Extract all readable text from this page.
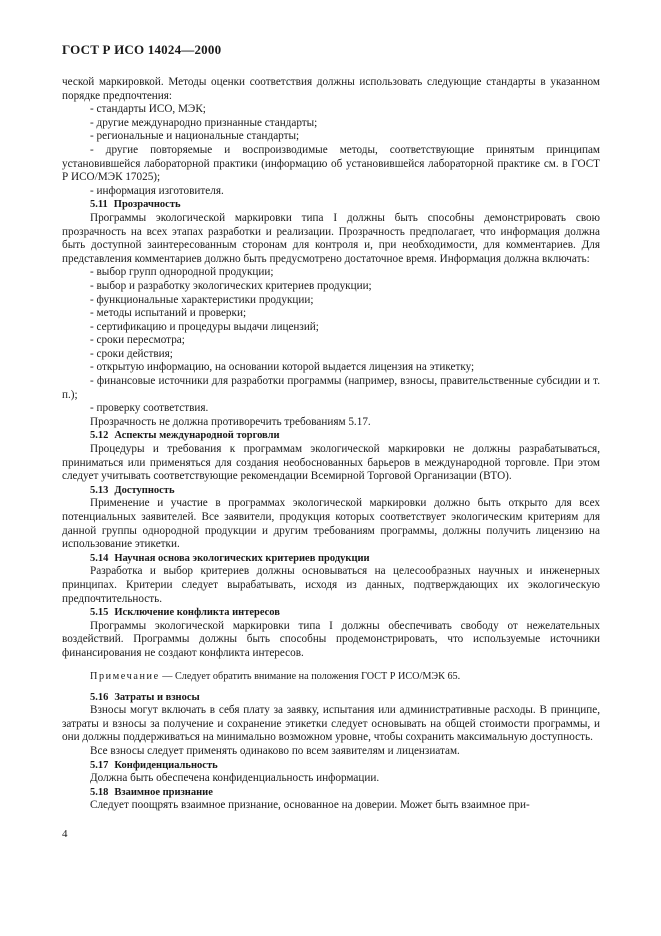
ГОСТ Р ИСО 14024—2000

ческой маркировкой. Методы оценки соответствия должны использовать следующие стандарты в указанном порядке предпочтения:

- стандарты ИСО, МЭК;

- другие международно признанные стандарты;

- региональные и национальные стандарты;

- другие повторяемые и воспроизводимые методы, соответствующие принятым принципам установившейся лабораторной практики (информацию об установившейся лабораторной практике см. в ГОСТ Р ИСО/МЭК 17025);

- информация изготовителя.

5.11 Прозрачность

Программы экологической маркировки типа I должны быть способны демонстрировать свою прозрачность на всех этапах разработки и реализации. Прозрачность предполагает, что информация должна быть доступной заинтересованным сторонам для контроля и, при необходимости, для комментариев. Для представления комментариев должно быть предусмотрено достаточное время. Информация должна включать:

- выбор групп однородной продукции;

- выбор и разработку экологических критериев продукции;

- функциональные характеристики продукции;

- методы испытаний и проверки;

- сертификацию и процедуры выдачи лицензий;

- сроки пересмотра;

- сроки действия;

- открытую информацию, на основании которой выдается лицензия на этикетку;

- финансовые источники для разработки программы (например, взносы, правительственные субсидии и т. п.);

- проверку соответствия.

Прозрачность не должна противоречить требованиям 5.17.

5.12 Аспекты международной торговли

Процедуры и требования к программам экологической маркировки не должны разрабатываться, приниматься или применяться для создания необоснованных барьеров в международной торговле. При этом следует учитывать соответствующие рекомендации Всемирной Торговой Организации (ВТО).

5.13 Доступность

Применение и участие в программах экологической маркировки должно быть открыто для всех потенциальных заявителей. Все заявители, продукция которых соответствует экологическим критериям для данной группы однородной продукции и другим требованиям программы, должны получить лицензию на использование этикетки.

5.14 Научная основа экологических критериев продукции

Разработка и выбор критериев должны основываться на целесообразных научных и инженерных принципах. Критерии следует вырабатывать, исходя из данных, подтверждающих их экологическую предпочтительность.

5.15 Исключение конфликта интересов

Программы экологической маркировки типа I должны обеспечивать свободу от нежелательных воздействий. Программы должны быть способны продемонстрировать, что используемые источники финансирования не создают конфликта интересов.

Примечание — Следует обратить внимание на положения ГОСТ Р ИСО/МЭК 65.

5.16 Затраты и взносы

Взносы могут включать в себя плату за заявку, испытания или административные расходы. В принципе, затраты и взносы за получение и сохранение этикетки следует основывать на общей стоимости программы, и они должны поддерживаться на минимально возможном уровне, чтобы сохранить максимальную доступность.

Все взносы следует применять одинаково по всем заявителям и лицензиатам.

5.17 Конфиденциальность

Должна быть обеспечена конфиденциальность информации.

5.18 Взаимное признание

Следует поощрять взаимное признание, основанное на доверии. Может быть взаимное при-

4
